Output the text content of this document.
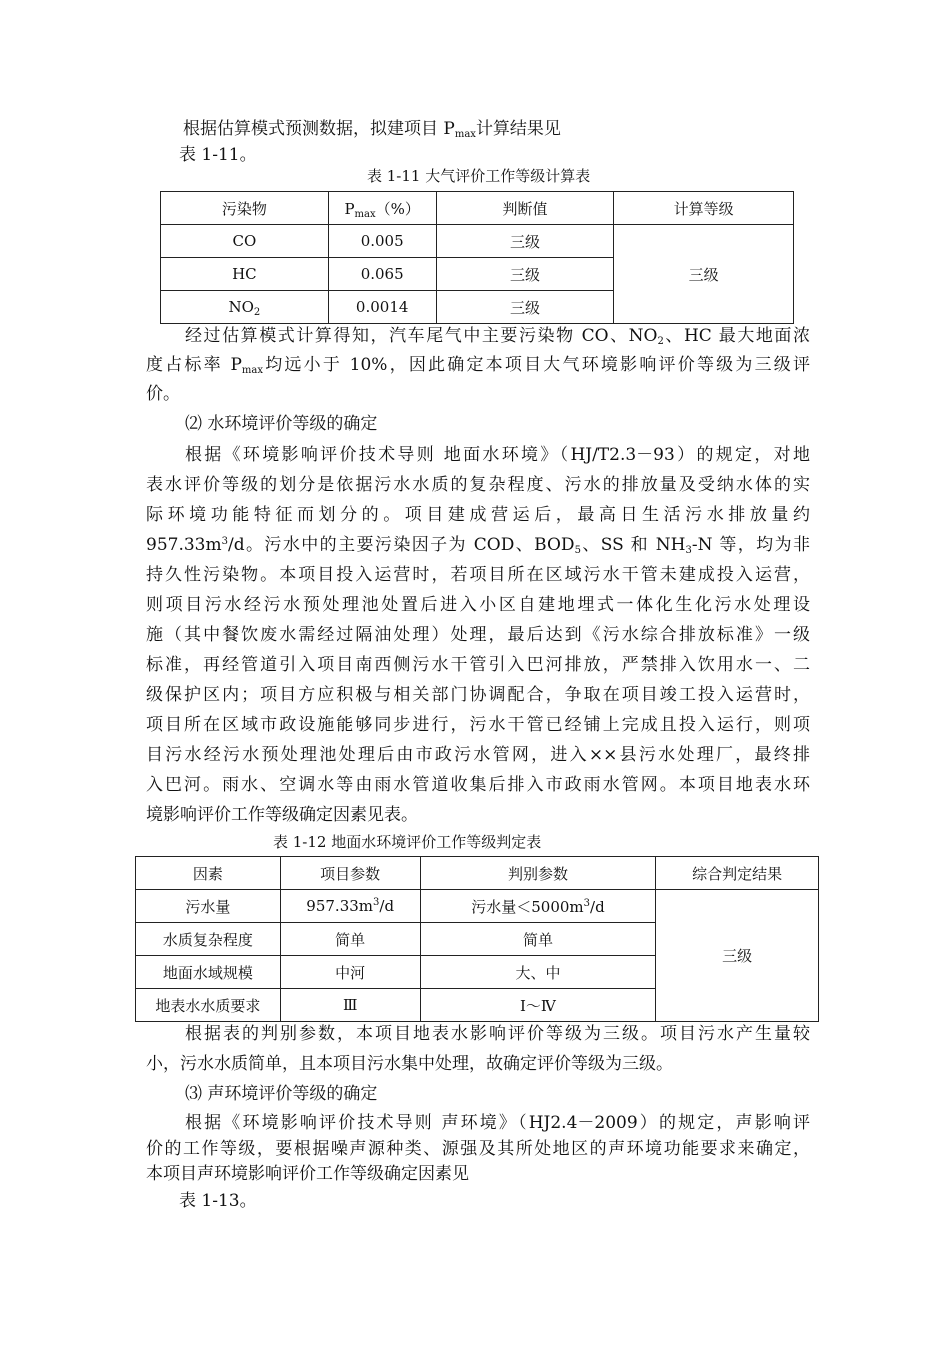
根据估算模式预测数据，拟建项目 $P_{max}$计算结果见
表 1-11。
表 1-11 大气评价工作等级计算表
污染物	$P_{max}(\%)$	判断值	计算等级
CO	0.005	三级	三级
HC	0.065	三级	
$NO_2$	0.0014	三级	
经过估算模式计算得知，汽车尾气中主要污染物 CO、$NO_2$、HC 最大地面浓
度占标率 $P_{max}$均远小于 10%，因此确定本项目大气环境影响评价等级为三级评
价。
⑵ 水环境评价等级的确定
根据《环境影响评价技术导则 地面水环境》（HJ/T2.3－93）的规定，对地
表水评价等级的划分是依据污水水质的复杂程度、污水的排放量及受纳水体的实
际环境功能特征而划分的。项目建成营运后，最高日生活污水排放量约
$957.33m^3/d$。污水中的主要污染因子为 COD、$BOD_5$、SS 和 $NH_3-N$ 等，均为非
持久性污染物。本项目投入运营时，若项目所在区域污水干管未建成投入运营，
则项目污水经污水预处理池处置后进入小区自建地埋式一体化生化污水处理设
施（其中餐饮废水需经过隔油处理）处理，最后达到《污水综合排放标准》一级
标准，再经管道引入项目南西侧污水干管引入巴河排放，严禁排入饮用水一、二
级保护区内；项目方应积极与相关部门协调配合，争取在项目竣工投入运营时，
项目所在区域市政设施能够同步进行，污水干管已经铺上完成且投入运行，则项
目污水经污水预处理池处理后由市政污水管网，进入××县污水处理厂，最终排
入巴河。雨水、空调水等由雨水管道收集后排入市政雨水管网。本项目地表水环
境影响评价工作等级确定因素见表。
表 1-12 地面水环境评价工作等级判定表
因素	项目参数	判别参数	综合判定结果
污水量	$957.33m^3/d$	污水量$<5000m^3/d$	三级
水质复杂程度	简单	简单	
地面水域规模	中河	大、中	
地表水水质要求	Ⅲ	Ⅰ～Ⅳ	
根据表的判别参数，本项目地表水影响评价等级为三级。项目污水产生量较
小，污水水质简单，且本项目污水集中处理，故确定评价等级为三级。
⑶ 声环境评价等级的确定
根据《环境影响评价技术导则 声环境》（HJ2.4－2009）的规定，声影响评
价的工作等级，要根据噪声源种类、源强及其所处地区的声环境功能要求来确定，
本项目声环境影响评价工作等级确定因素见
表 1-13。
